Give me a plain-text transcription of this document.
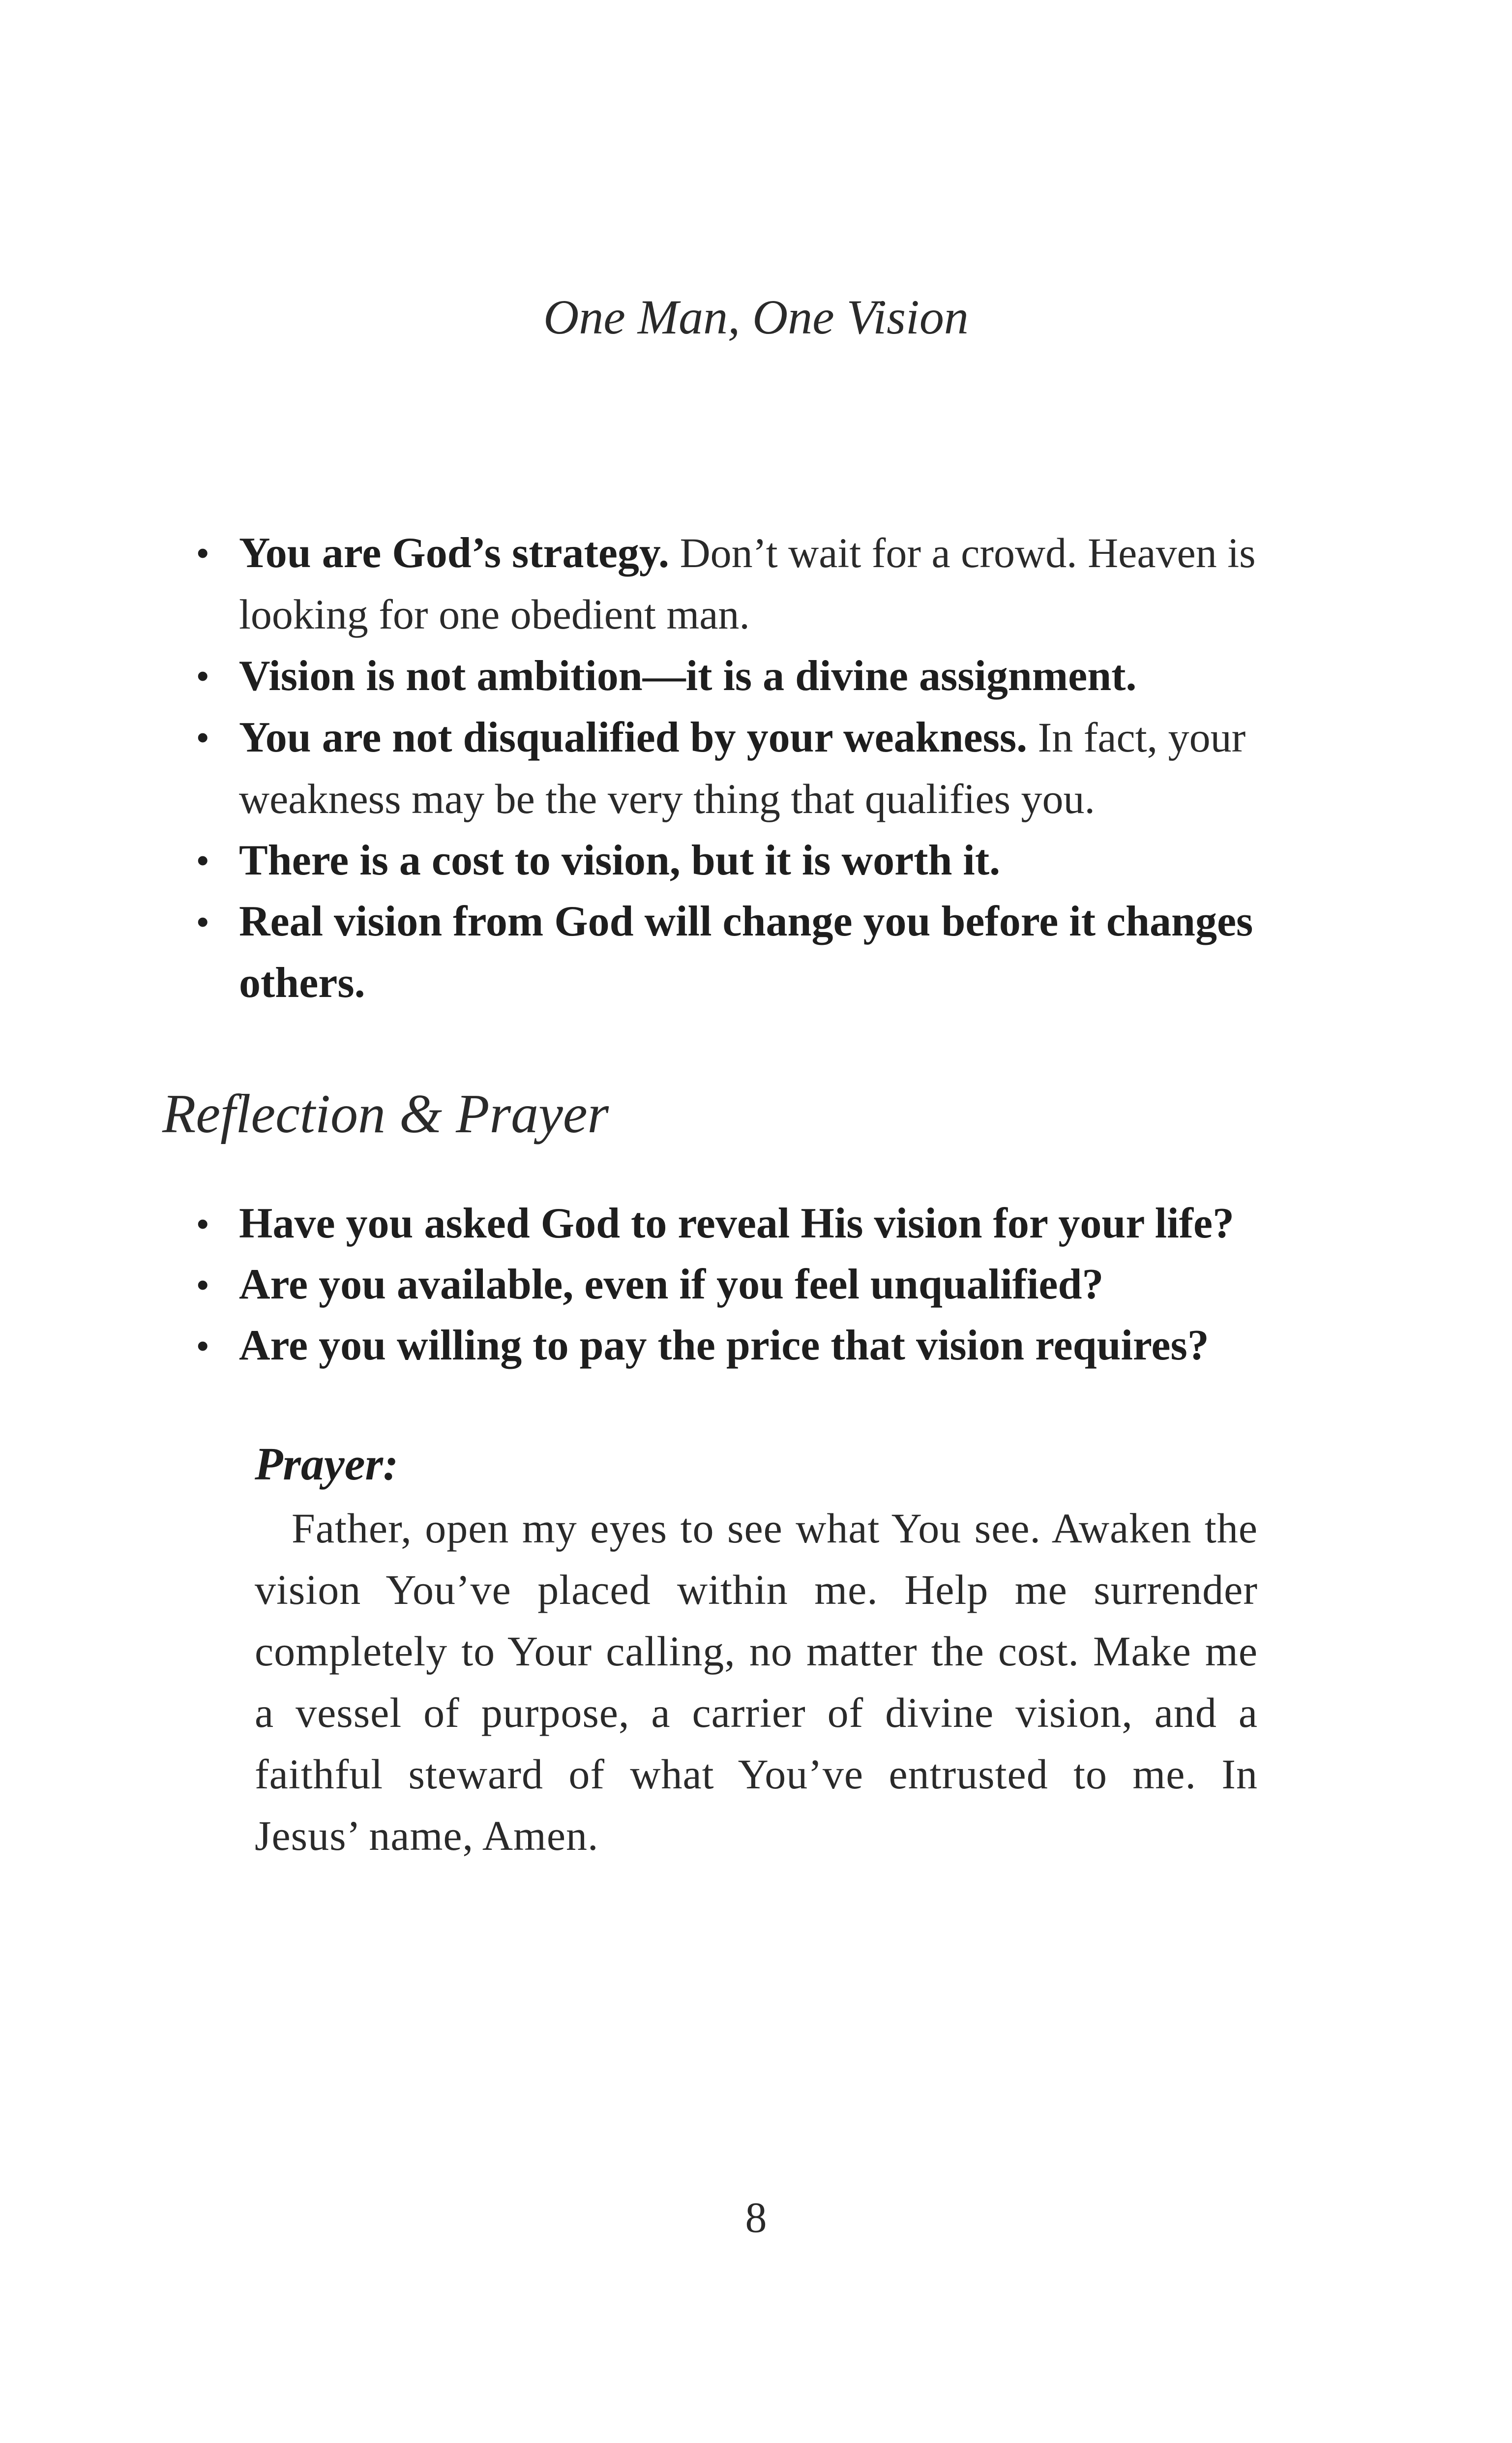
One Man, One Vision
• You are God’s strategy. Don’t wait for a crowd. Heaven is looking for one obedient man.
• Vision is not ambition—it is a divine assignment.
• You are not disqualified by your weakness. In fact, your weakness may be the very thing that qualifies you.
• There is a cost to vision, but it is worth it.
• Real vision from God will change you before it changes others.
Reflection & Prayer
• Have you asked God to reveal His vision for your life?
• Are you available, even if you feel unqualified?
• Are you willing to pay the price that vision requires?

Prayer:

Father, open my eyes to see what You see. Awaken the vision You’ve placed within me. Help me surrender completely to Your calling, no matter the cost. Make me a vessel of purpose, a carrier of divine vision, and a faithful steward of what You’ve entrusted to me. In Jesus’ name, Amen.

8
